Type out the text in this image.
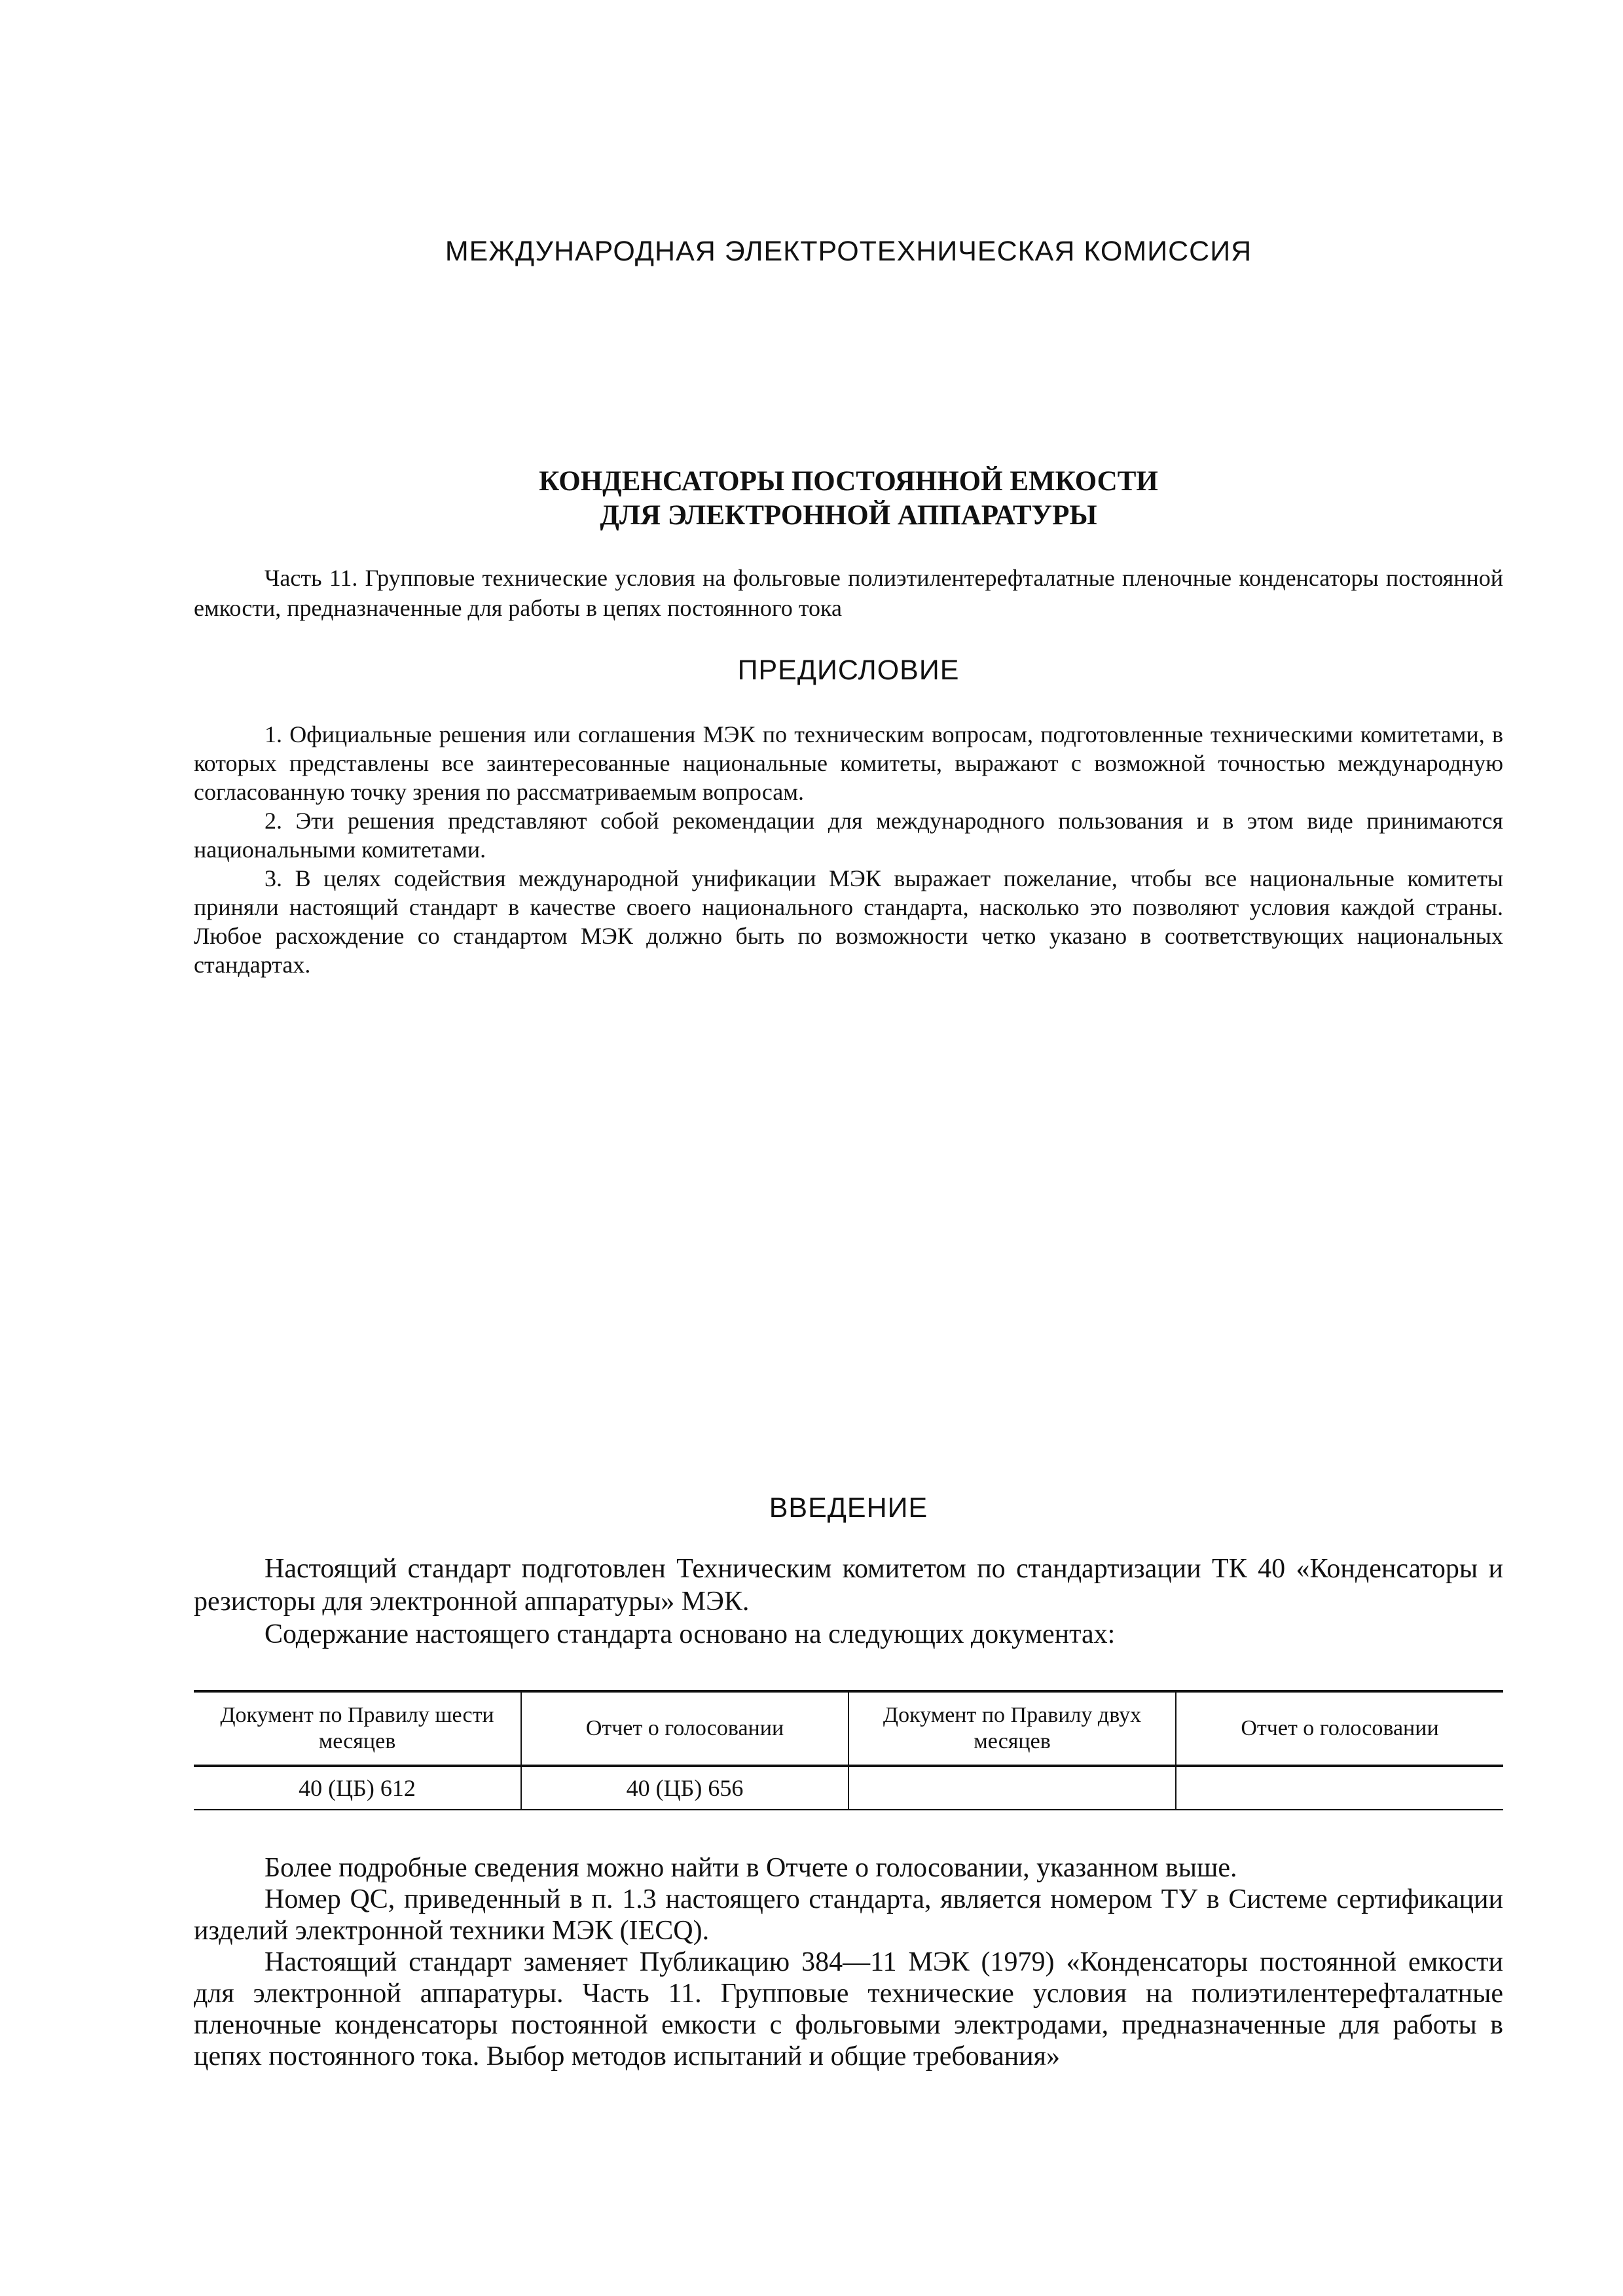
МЕЖДУНАРОДНАЯ ЭЛЕКТРОТЕХНИЧЕСКАЯ КОМИССИЯ
КОНДЕНСАТОРЫ ПОСТОЯННОЙ ЕМКОСТИ
ДЛЯ ЭЛЕКТРОННОЙ АППАРАТУРЫ
Часть 11. Групповые технические условия на фольговые полиэтилентерефталатные пленочные конденсаторы постоянной емкости, предназначенные для работы в цепях постоянного тока
ПРЕДИСЛОВИЕ

1. Официальные решения или соглашения МЭК по техническим вопросам, подготовленные техническими комитетами, в которых представлены все заинтересованные национальные комитеты, выражают с возможной точностью международную согласованную точку зрения по рассматриваемым вопросам.

2. Эти решения представляют собой рекомендации для международного пользования и в этом виде принимаются национальными комитетами.

3. В целях содействия международной унификации МЭК выражает пожелание, чтобы все национальные комитеты приняли настоящий стандарт в качестве своего национального стандарта, насколько это позволяют условия каждой страны. Любое расхождение со стандартом МЭК должно быть по возможности четко указано в соответствующих национальных стандартах.

ВВЕДЕНИЕ

Настоящий стандарт подготовлен Техническим комитетом по стандартизации ТК 40 «Конденсаторы и резисторы для электронной аппаратуры» МЭК.

Содержание настоящего стандарта основано на следующих документах:

Документ по Правилу шести месяцев	Отчет о голосовании	Документ по Правилу двух месяцев	Отчет о голосовании
40 (ЦБ) 612	40 (ЦБ) 656		

Более подробные сведения можно найти в Отчете о голосовании, указанном выше.

Номер QC, приведенный в п. 1.3 настоящего стандарта, является номером ТУ в Системе сертификации изделий электронной техники МЭК (IECQ).

Настоящий стандарт заменяет Публикацию 384—11 МЭК (1979) «Конденсаторы постоянной емкости для электронной аппаратуры. Часть 11. Групповые технические условия на полиэтилентерефталатные пленочные конденсаторы постоянной емкости с фольговыми электродами, предназначенные для работы в цепях постоянного тока. Выбор методов испытаний и общие требования»
